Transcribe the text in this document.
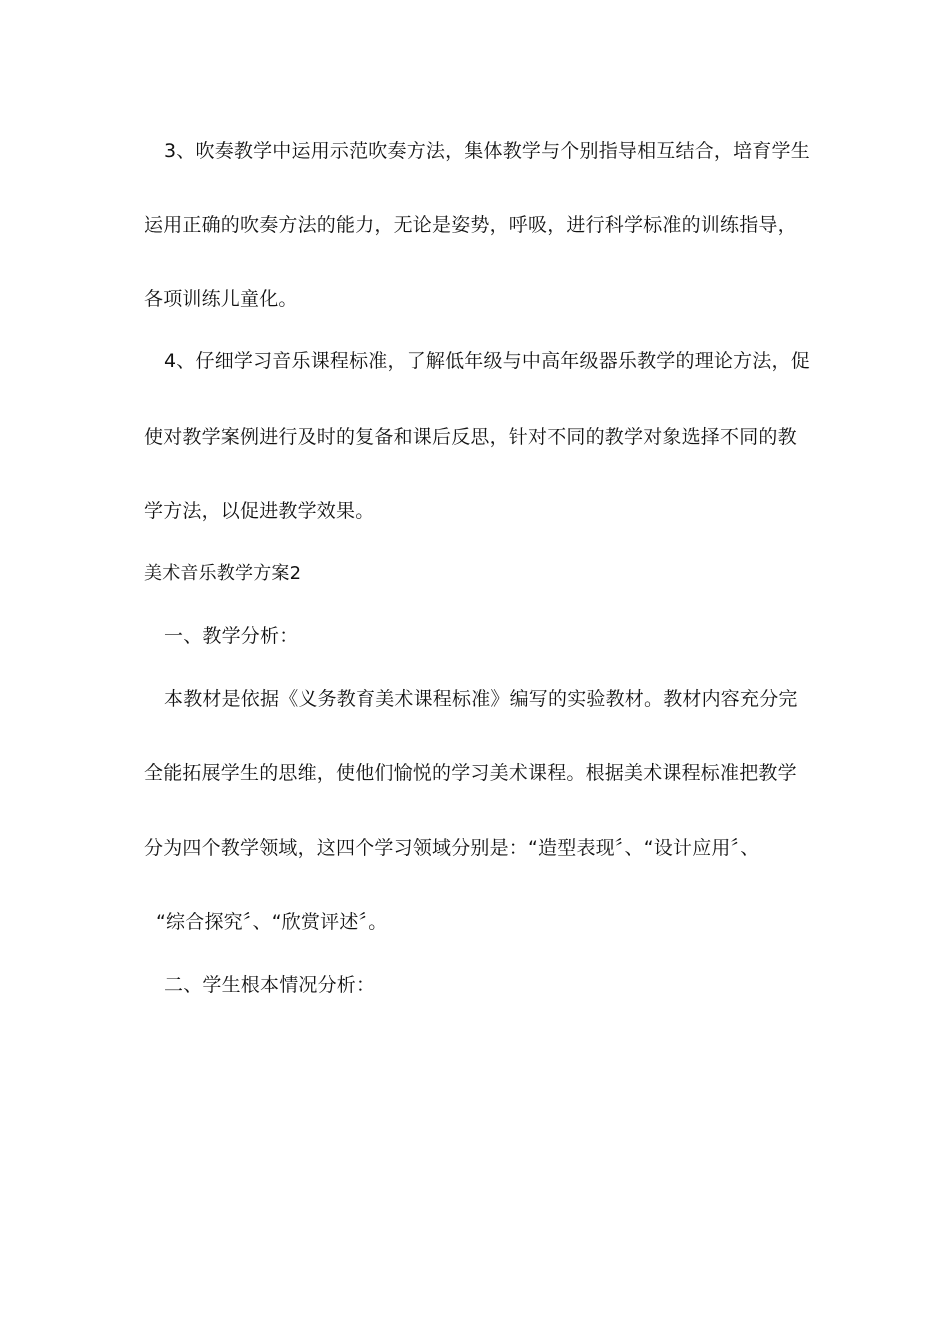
3、吹奏教学中运用示范吹奏方法，集体教学与个别指导相互结合，培育学生
运用正确的吹奏方法的能力，无论是姿势，呼吸，进行科学标准的训练指导，
各项训练儿童化。
4、仔细学习音乐课程标准，了解低年级与中高年级器乐教学的理论方法，促
使对教学案例进行及时的复备和课后反思，针对不同的教学对象选择不同的教
学方法，以促进教学效果。
美术音乐教学方案2
一、教学分析：
本教材是依据《义务教育美术课程标准》编写的实验教材。教材内容充分完
全能拓展学生的思维，使他们愉悦的学习美术课程。根据美术课程标准把教学
分为四个教学领域，这四个学习领域分别是：“造型表现〞、“设计应用〞、
“综合探究〞、“欣赏评述〞。
二、学生根本情况分析：
